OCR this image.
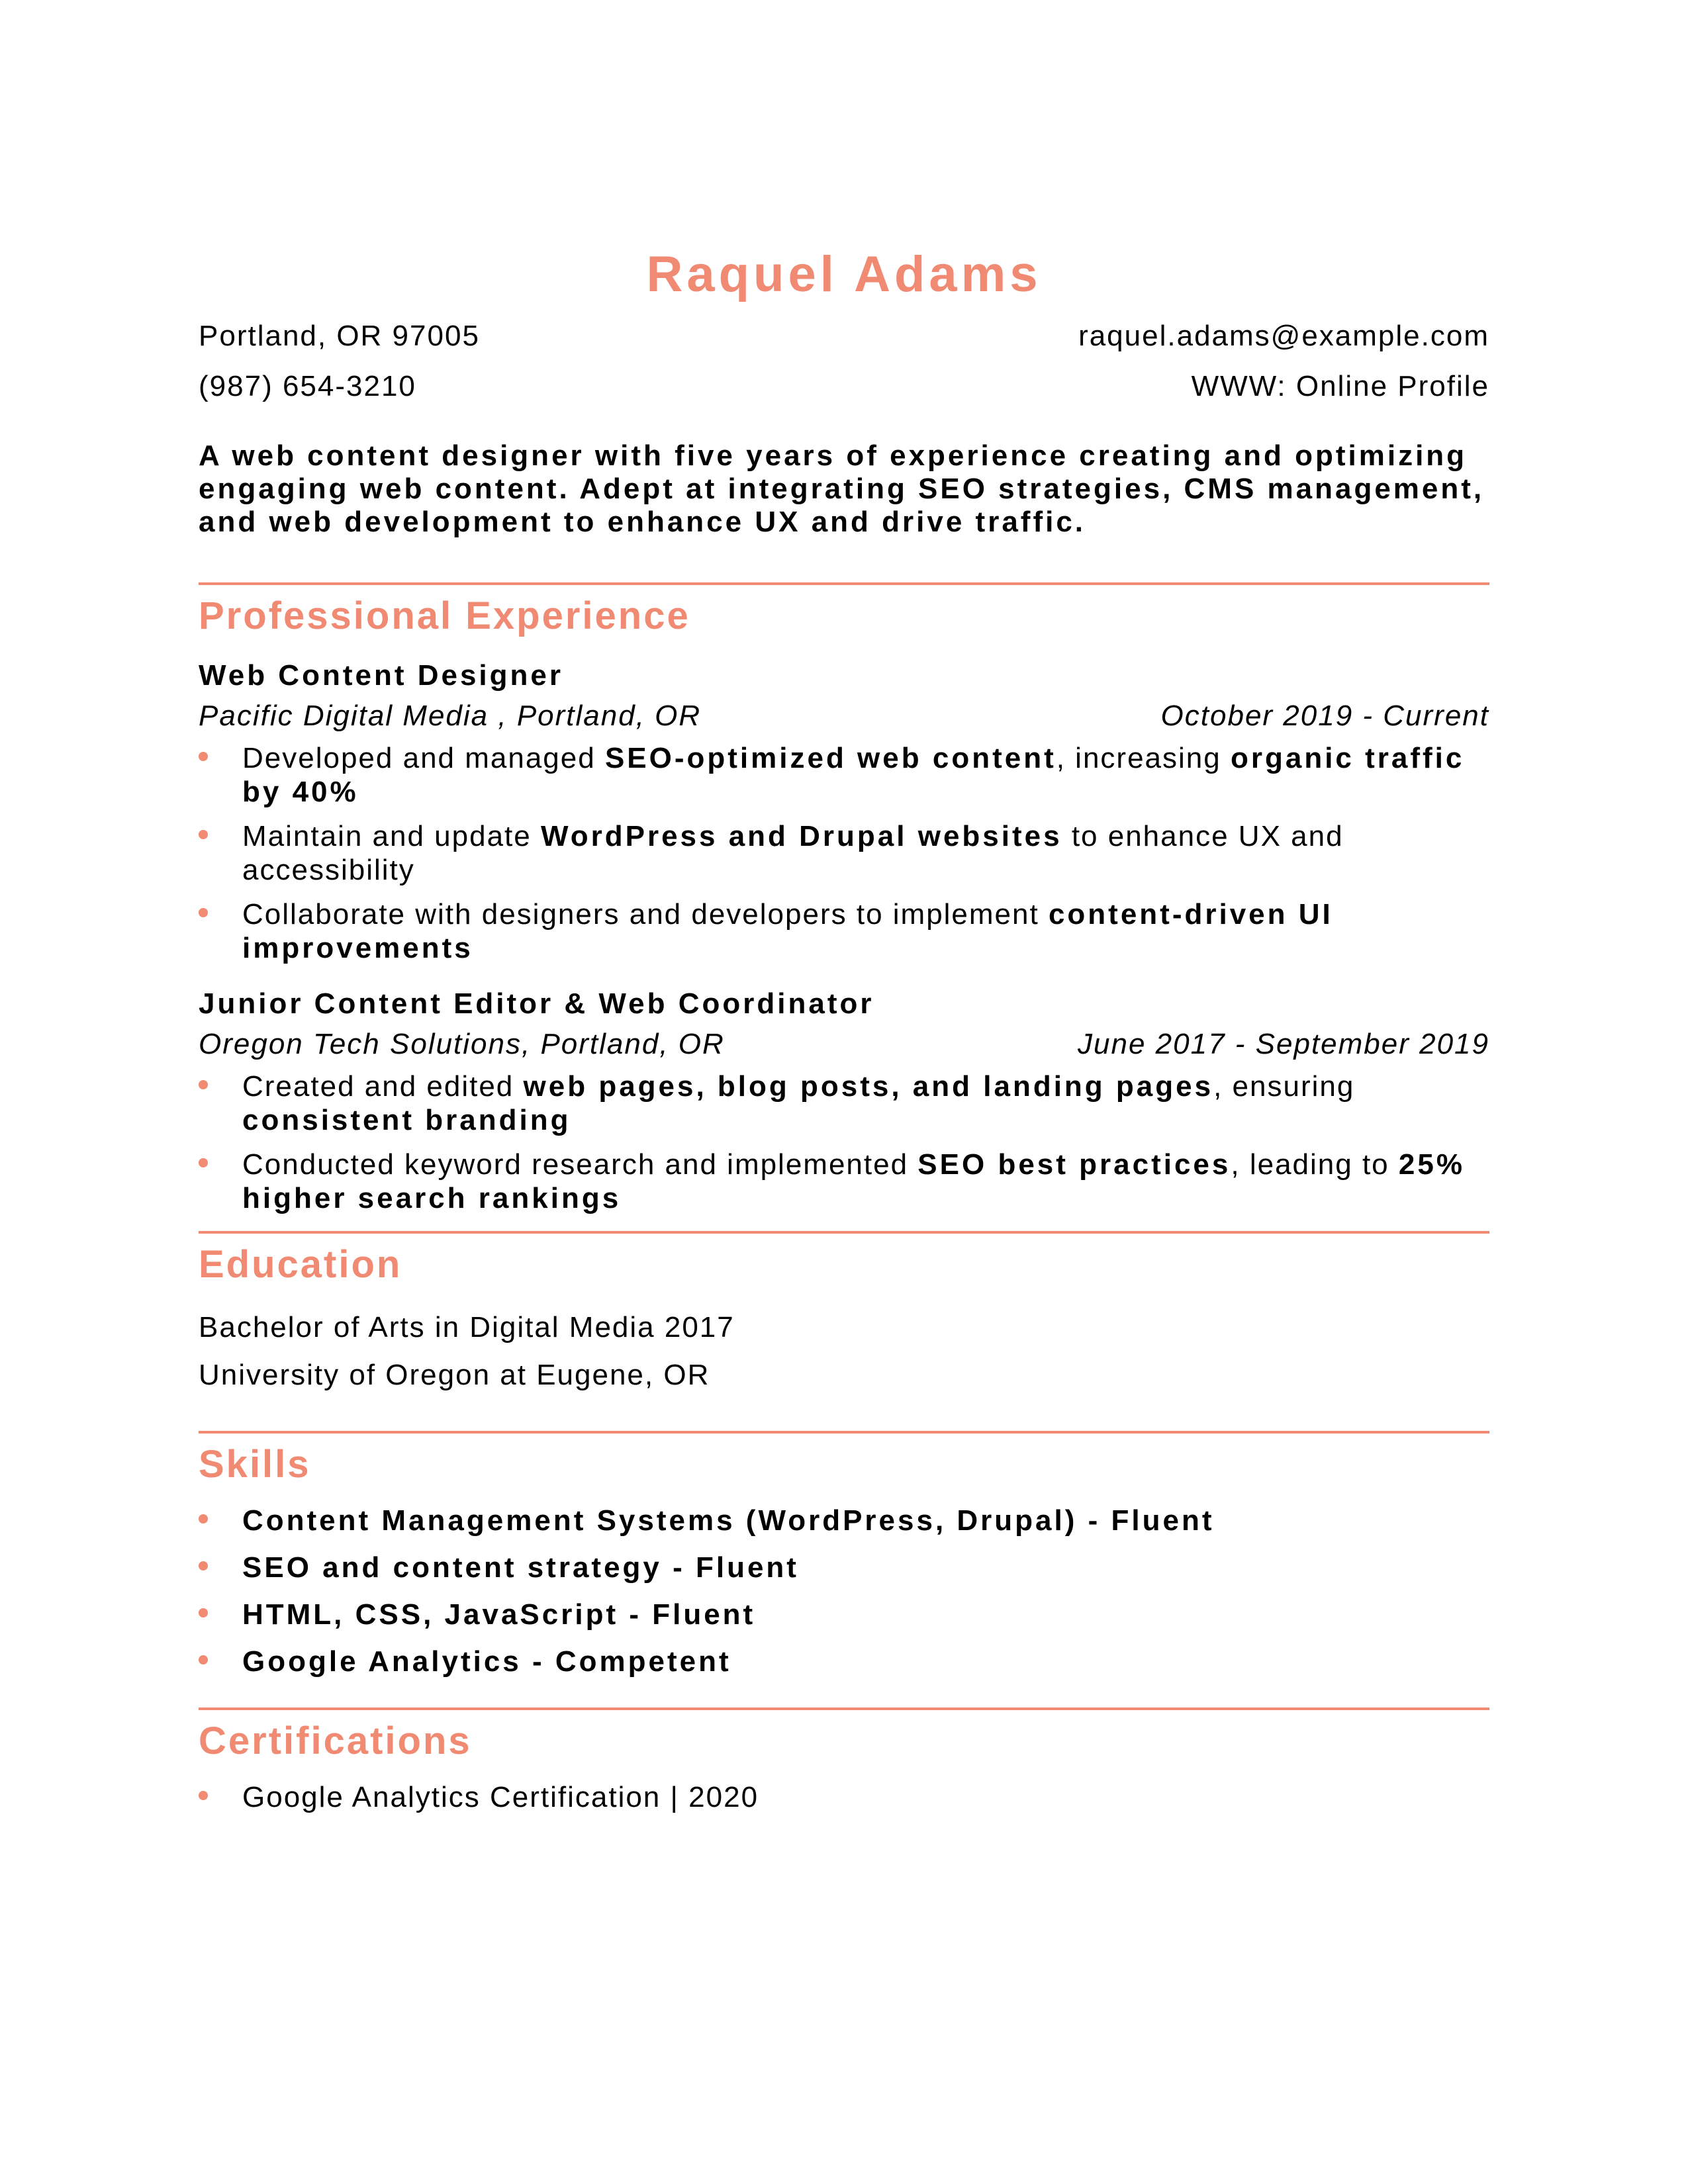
Raquel Adams
Portland, OR 97005
(987) 654-3210
raquel.adams@example.com
WWW: Online Profile
A web content designer with five years of experience creating and optimizing engaging web content. Adept at integrating SEO strategies, CMS management, and web development to enhance UX and drive traffic.
Professional Experience
Web Content Designer
Pacific Digital Media , Portland, OR	October 2019 - Current
Developed and managed SEO-optimized web content, increasing organic traffic by 40%
Maintain and update WordPress and Drupal websites to enhance UX and accessibility
Collaborate with designers and developers to implement content-driven UI improvements
Junior Content Editor & Web Coordinator
Oregon Tech Solutions, Portland, OR	June 2017 - September 2019
Created and edited web pages, blog posts, and landing pages, ensuring consistent branding
Conducted keyword research and implemented SEO best practices, leading to 25% higher search rankings
Education
Bachelor of Arts in Digital Media 2017
University of Oregon at Eugene, OR
Skills
Content Management Systems (WordPress, Drupal) - Fluent
SEO and content strategy - Fluent
HTML, CSS, JavaScript - Fluent
Google Analytics - Competent
Certifications
Google Analytics Certification | 2020
